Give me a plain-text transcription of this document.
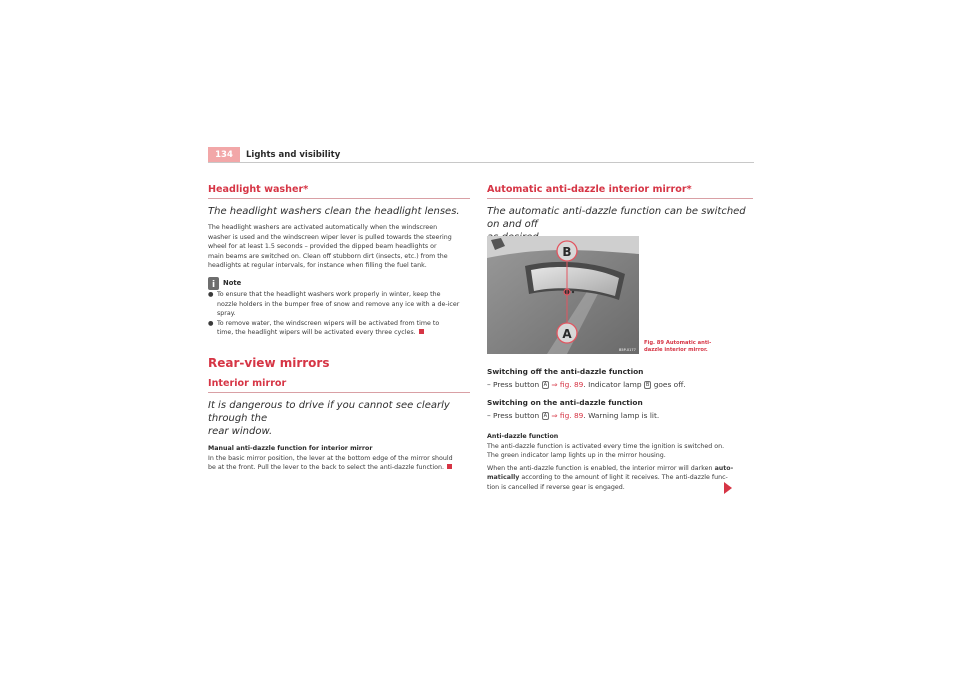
134	Lights and visibility
Headlight washer*
The headlight washers clean the headlight lenses.

The headlight washers are activated automatically when the windscreen

washer is used and the windscreen wiper lever is pulled towards the steering

wheel for at least 1.5 seconds – provided the dipped beam headlights or

main beams are switched on. Clean off stubborn dirt (insects, etc.) from the

headlights at regular intervals, for instance when filling the fuel tank.

i	Note
● To ensure that the headlight washers work properly in winter, keep the

nozzle holders in the bumper free of snow and remove any ice with a de-icer

spray.

● To remove water, the windscreen wipers will be activated from time to

time, the headlight wipers will be activated every three cycles.

Rear-view mirrors
Interior mirror
It is dangerous to drive if you cannot see clearly through the
rear window.

Manual anti-dazzle function for interior mirror

In the basic mirror position, the lever at the bottom edge of the mirror should

be at the front. Pull the lever to the back to select the anti-dazzle function.

Automatic anti-dazzle interior mirror*
The automatic anti-dazzle function can be switched on and off
B
A
B5P-0177
Fig. 89 Automatic anti-
dazzle interior mirror.
Switching off the anti-dazzle function
– Press button A ⇒ fig. 89. Indicator lamp B goes off.
Switching on the anti-dazzle function
– Press button A ⇒ fig. 89. Warning lamp is lit.

Anti-dazzle function

The anti-dazzle function is activated every time the ignition is switched on.

The green indicator lamp lights up in the mirror housing.

When the anti-dazzle function is enabled, the interior mirror will darken auto-

matically according to the amount of light it receives. The anti-dazzle func-

tion is cancelled if reverse gear is engaged.
